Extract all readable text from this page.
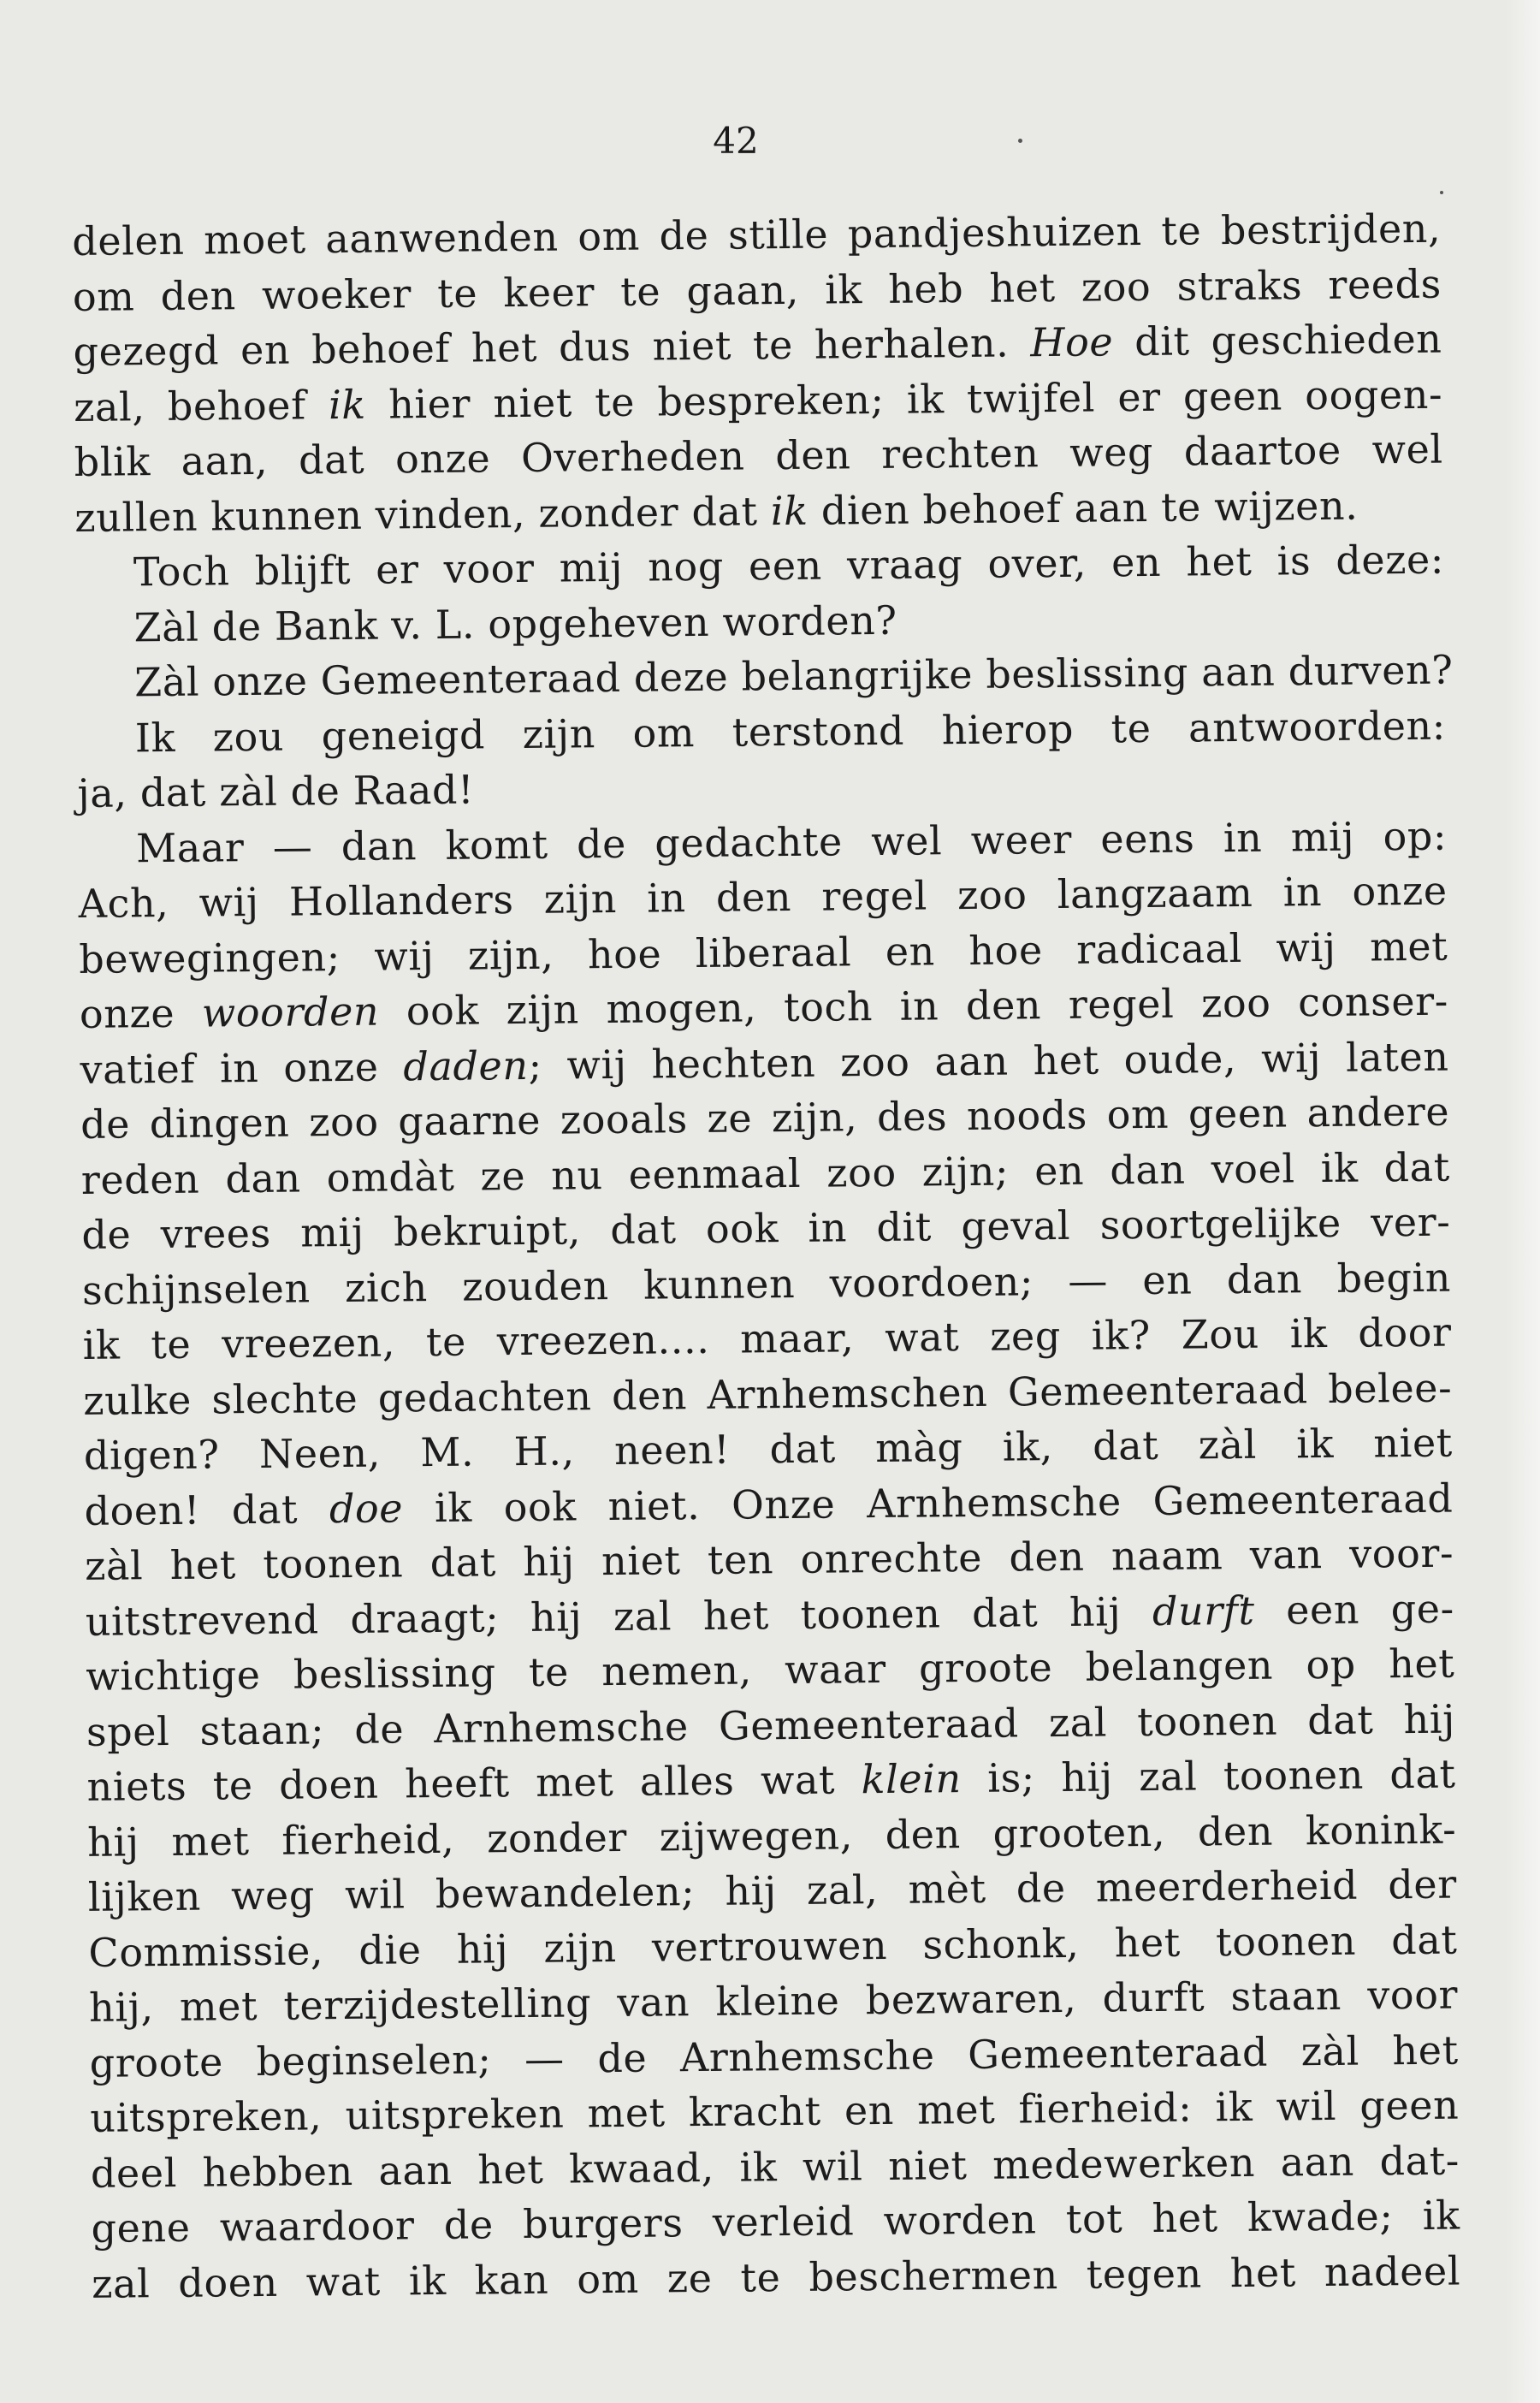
42
delen moet aanwenden om de stille pandjeshuizen te bestrijden,
om den woeker te keer te gaan, ik heb het zoo straks reeds
gezegd en behoef het dus niet te herhalen. Hoe dit geschieden
zal, behoef ik hier niet te bespreken; ik twijfel er geen oogen-
blik aan, dat onze Overheden den rechten weg daartoe wel
zullen kunnen vinden, zonder dat ik dien behoef aan te wijzen.
Toch blijft er voor mij nog een vraag over, en het is deze:
Zàl de Bank v. L. opgeheven worden?
Zàl onze Gemeenteraad deze belangrijke beslissing aan durven?
Ik zou geneigd zijn om terstond hierop te antwoorden:
ja, dat zàl de Raad!
Maar — dan komt de gedachte wel weer eens in mij op:
Ach, wij Hollanders zijn in den regel zoo langzaam in onze
bewegingen; wij zijn, hoe liberaal en hoe radicaal wij met
onze woorden ook zijn mogen, toch in den regel zoo conser-
vatief in onze daden; wij hechten zoo aan het oude, wij laten
de dingen zoo gaarne zooals ze zijn, des noods om geen andere
reden dan omdàt ze nu eenmaal zoo zijn; en dan voel ik dat
de vrees mij bekruipt, dat ook in dit geval soortgelijke ver-
schijnselen zich zouden kunnen voordoen; — en dan begin
ik te vreezen, te vreezen.... maar, wat zeg ik? Zou ik door
zulke slechte gedachten den Arnhemschen Gemeenteraad belee-
digen? Neen, M. H., neen! dat màg ik, dat zàl ik niet
doen! dat doe ik ook niet. Onze Arnhemsche Gemeenteraad
zàl het toonen dat hij niet ten onrechte den naam van voor-
uitstrevend draagt; hij zal het toonen dat hij durft een ge-
wichtige beslissing te nemen, waar groote belangen op het
spel staan; de Arnhemsche Gemeenteraad zal toonen dat hij
niets te doen heeft met alles wat klein is; hij zal toonen dat
hij met fierheid, zonder zijwegen, den grooten, den konink-
lijken weg wil bewandelen; hij zal, mèt de meerderheid der
Commissie, die hij zijn vertrouwen schonk, het toonen dat
hij, met terzijdestelling van kleine bezwaren, durft staan voor
groote beginselen; — de Arnhemsche Gemeenteraad zàl het
uitspreken, uitspreken met kracht en met fierheid: ik wil geen
deel hebben aan het kwaad, ik wil niet medewerken aan dat-
gene waardoor de burgers verleid worden tot het kwade; ik
zal doen wat ik kan om ze te beschermen tegen het nadeel
